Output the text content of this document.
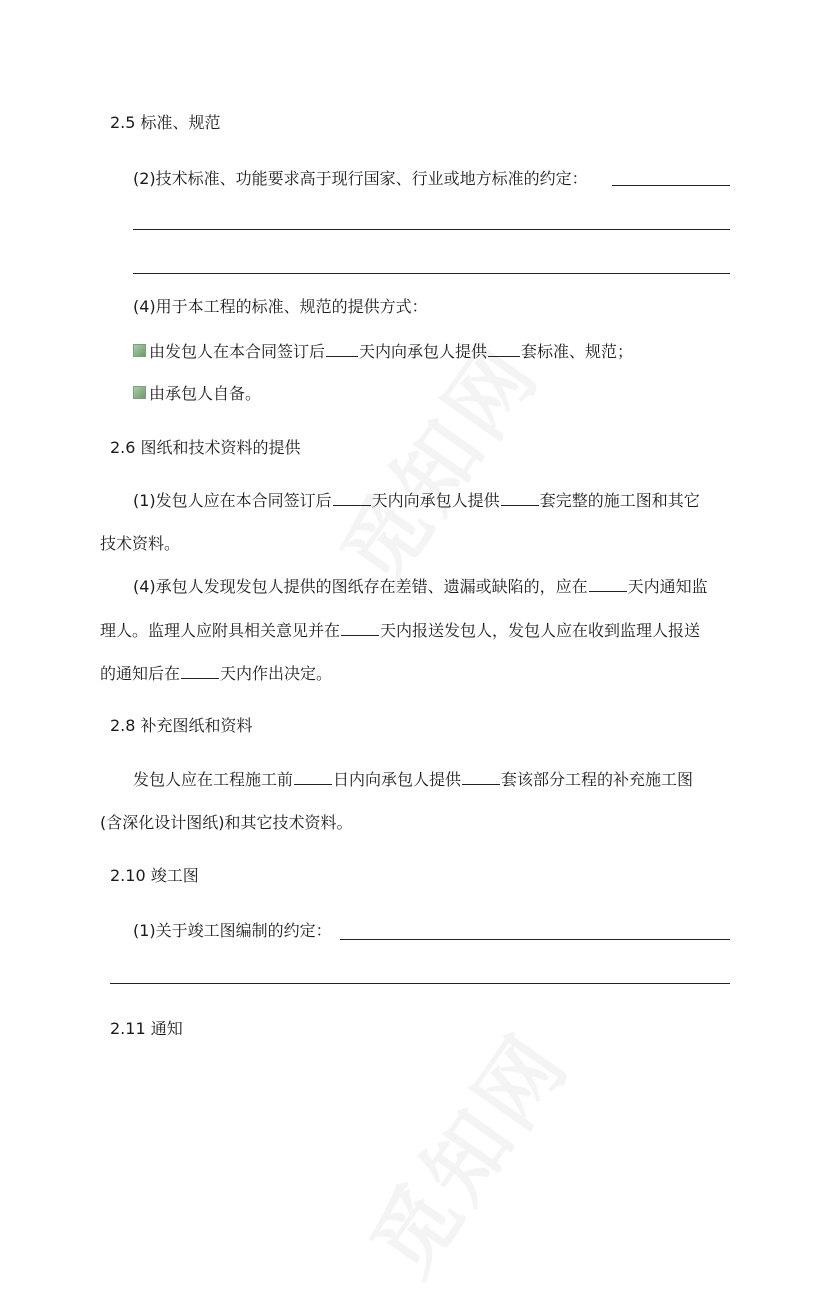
2.5 标准、规范
(2)技术标准、功能要求高于现行国家、行业或地方标准的约定：
(4)用于本工程的标准、规范的提供方式：
由发包人在本合同签订后 天内向承包人提供 套标准、规范；
由承包人自备。
2.6 图纸和技术资料的提供
(1)发包人应在本合同签订后	天内向承包人提供	套完整的施工图和其它
技术资料。
(4)承包人发现发包人提供的图纸存在差错、遗漏或缺陷的，应在	天内通知监
理人。监理人应附具相关意见并在	天内报送发包人，发包人应在收到监理人报送
的通知后在	天内作出决定。
2.8 补充图纸和资料
发包人应在工程施工前	日内向承包人提供	套该部分工程的补充施工图
(含深化设计图纸)和其它技术资料。
2.10 竣工图
(1)关于竣工图编制的约定：
2.11 通知
